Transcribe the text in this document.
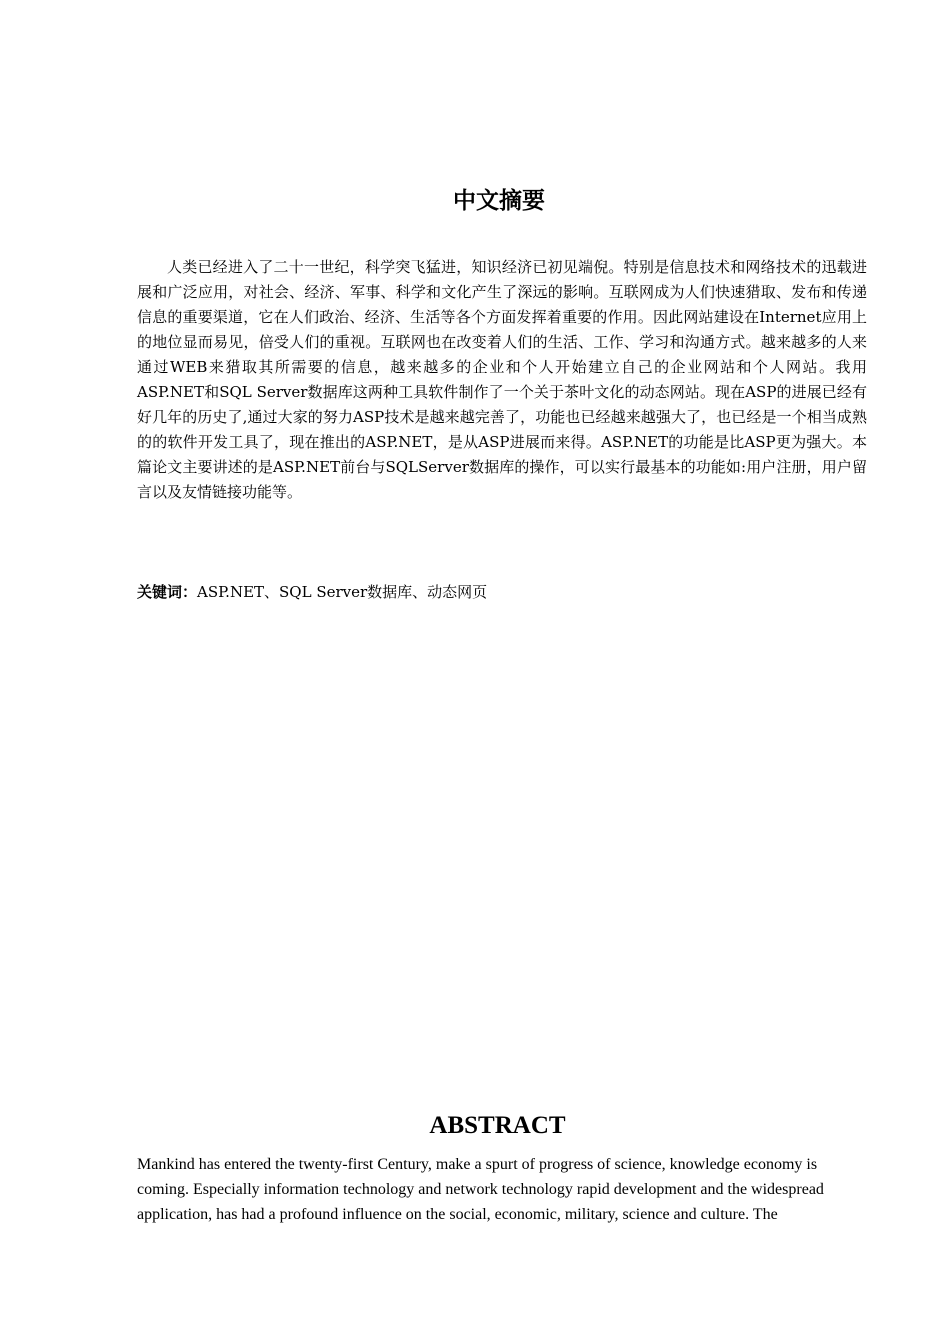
中文摘要

人类已经进入了二十一世纪，科学突飞猛进，知识经济已初见端倪。特别是信息技术和网络技术的迅载进展和广泛应用，对社会、经济、军事、科学和文化产生了深远的影响。互联网成为人们快速猎取、发布和传递信息的重要渠道，它在人们政治、经济、生活等各个方面发挥着重要的作用。因此网站建设在Internet应用上的地位显而易见，倍受人们的重视。互联网也在改变着人们的生活、工作、学习和沟通方式。越来越多的人来通过WEB来猎取其所需要的信息，越来越多的企业和个人开始建立自己的企业网站和个人网站。我用ASP.NET和SQL Server数据库这两种工具软件制作了一个关于茶叶文化的动态网站。现在ASP的进展已经有好几年的历史了,通过大家的努力ASP技术是越来越完善了，功能也已经越来越强大了，也已经是一个相当成熟的的软件开发工具了，现在推出的ASP.NET，是从ASP进展而来得。ASP.NET的功能是比ASP更为强大。本篇论文主要讲述的是ASP.NET前台与SQLServer数据库的操作，可以实行最基本的功能如:用户注册，用户留言以及友情链接功能等。

关键词：ASP.NET、SQL Server数据库、动态网页

ABSTRACT

Mankind has entered the twenty-first Century, make a spurt of progress of science, knowledge economy is coming. Especially information technology and network technology rapid development and the widespread application, has had a profound influence on the social, economic, military, science and culture. The
